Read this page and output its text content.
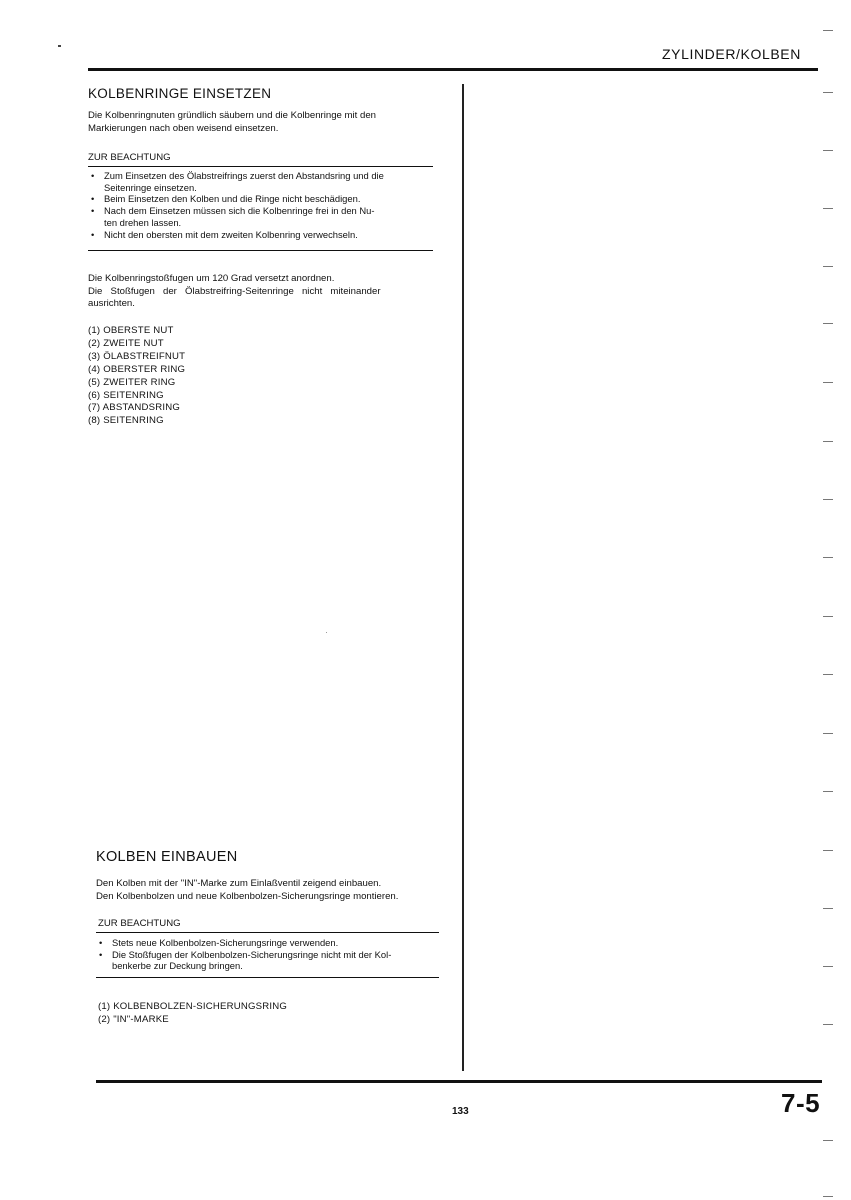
ZYLINDER/KOLBEN
KOLBENRINGE EINSETZEN
Die Kolbenringnuten gründlich säubern und die Kolbenringe mit den
Markierungen nach oben weisend einsetzen.
ZUR BEACHTUNG
• Zum Einsetzen des Ölabstreifrings zuerst den Abstandsring und die
Seitenringe einsetzen.
• Beim Einsetzen den Kolben und die Ringe nicht beschädigen.
• Nach dem Einsetzen müssen sich die Kolbenringe frei in den Nu-
ten drehen lassen.
• Nicht den obersten mit dem zweiten Kolbenring verwechseln.
Die Kolbenringstoßfugen um 120 Grad versetzt anordnen.
Die Stoßfugen der Ölabstreifring-Seitenringe nicht miteinander
ausrichten.
(1) OBERSTE NUT
(2) ZWEITE NUT
(3) ÖLABSTREIFNUT
(4) OBERSTER RING
(5) ZWEITER RING
(6) SEITENRING
(7) ABSTANDSRING
(8) SEITENRING
KOLBEN EINBAUEN
Den Kolben mit der "IN"-Marke zum Einlaßventil zeigend einbauen.
Den Kolbenbolzen und neue Kolbenbolzen-Sicherungsringe montieren.
ZUR BEACHTUNG
• Stets neue Kolbenbolzen-Sicherungsringe verwenden.
• Die Stoßfugen der Kolbenbolzen-Sicherungsringe nicht mit der Kol-
benkerbe zur Deckung bringen.
(1) KOLBENBOLZEN-SICHERUNGSRING
(2) "IN"-MARKE
133	7-5
